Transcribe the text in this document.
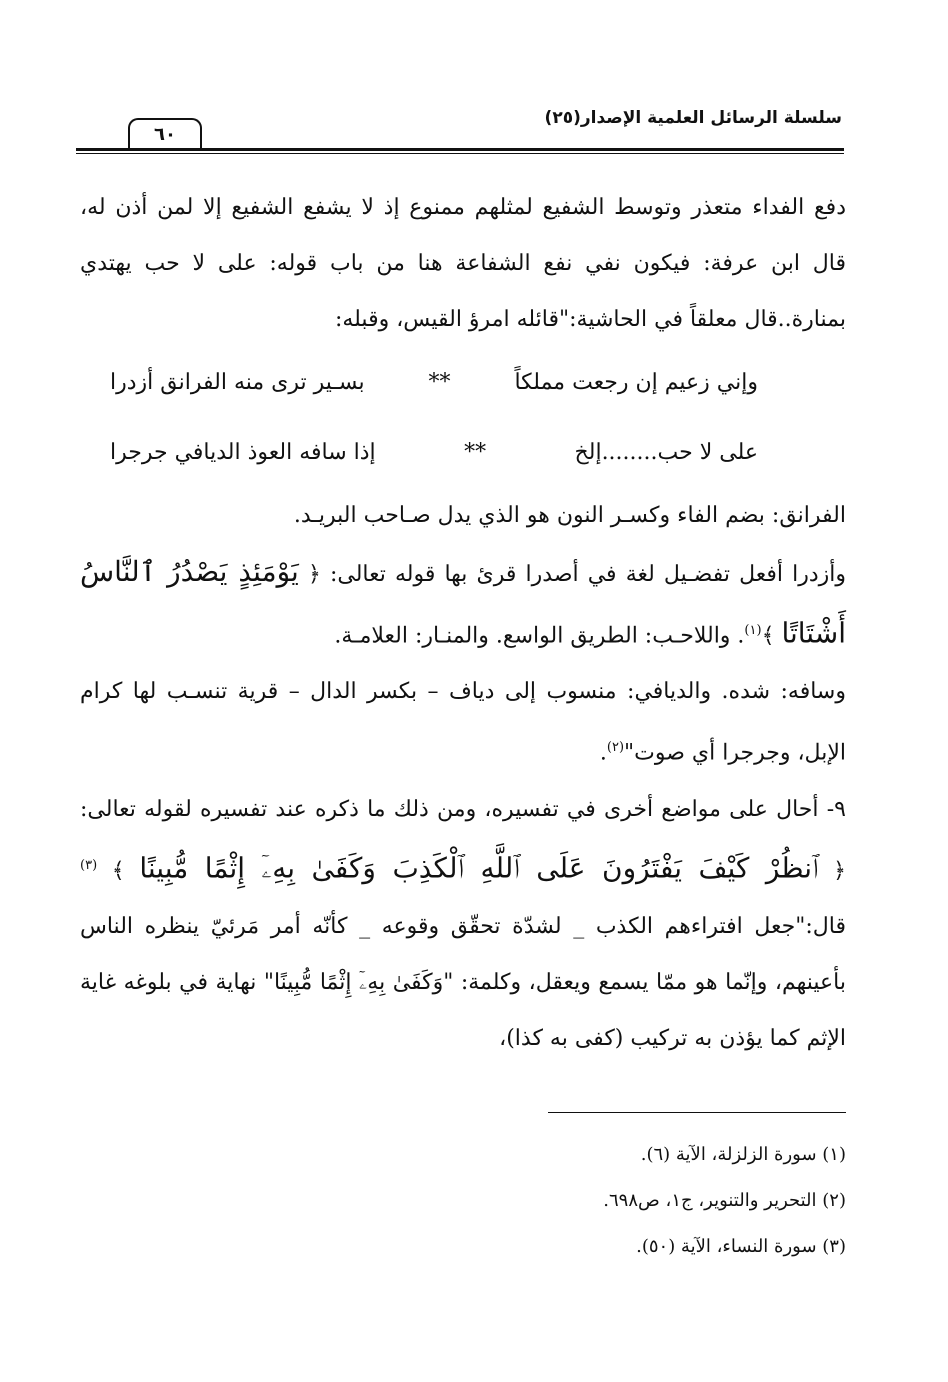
سلسلة الرسائل العلمية الإصدار(٢٥)
٦٠

دفع الفداء متعذر وتوسط الشفيع لمثلهم ممنوع إذ لا يشفع الشفيع إلا لمن أذن له، قال ابن عرفة: فيكون نفي نفع الشفاعة هنا من باب قوله: على لا حب يهتدي بمنارة..قال معلقاً في الحاشية:"قائله امرؤ القيس، وقبله:

وإني زعيم إن رجعت مملكاً
**
بسـير ترى منه الفرانق أزدرا
على لا حب........إلخ
**
إذا سافه العوذ الديافي جرجرا

الفرانق: بضم الفاء وكسـر النون هو الذي يدل صـاحب البريـد.

وأزدرا أفعل تفضـيل لغة في أصدرا قرئ بها قوله تعالى: ﴿ يَوْمَئِذٍ يَصْدُرُ ٱلنَّاسُ أَشْتَاتًا ﴾$^{(١)}$. واللاحـب: الطريق الواسع. والمنـار: العلامـة.

وسافه: شده. والديافي: منسوب إلى دياف – بكسر الدال – قرية تنسـب لها كرام الإبل، وجرجرا أي صوت"$^{(٢)}$.

٩- أحال على مواضع أخرى في تفسيره، ومن ذلك ما ذكره عند تفسيره لقوله تعالى: ﴿ ٱنظُرْ كَيْفَ يَفْتَرُونَ عَلَى ٱللَّهِ ٱلْكَذِبَ وَكَفَىٰ بِهِۦٓ إِثْمًا مُّبِينًا ﴾ $^{(٣)}$ قال:"جعل افتراءهم الكذب _ لشدّة تحقّق وقوعه _ كأنّه أمر مَرئيّ ينظره الناس بأعينهم، وإنّما هو ممّا يسمع ويعقل، وكلمة: "وَكَفَىٰ بِهِۦٓ إِثْمًا مُّبِينًا" نهاية في بلوغه غاية الإثم كما يؤذن به تركيب (كفى به كذا)،

(١) سورة الزلزلة، الآية (٦).
(٢) التحرير والتنوير، ج١، ص٦٩٨.
(٣) سورة النساء، الآية (٥٠).
